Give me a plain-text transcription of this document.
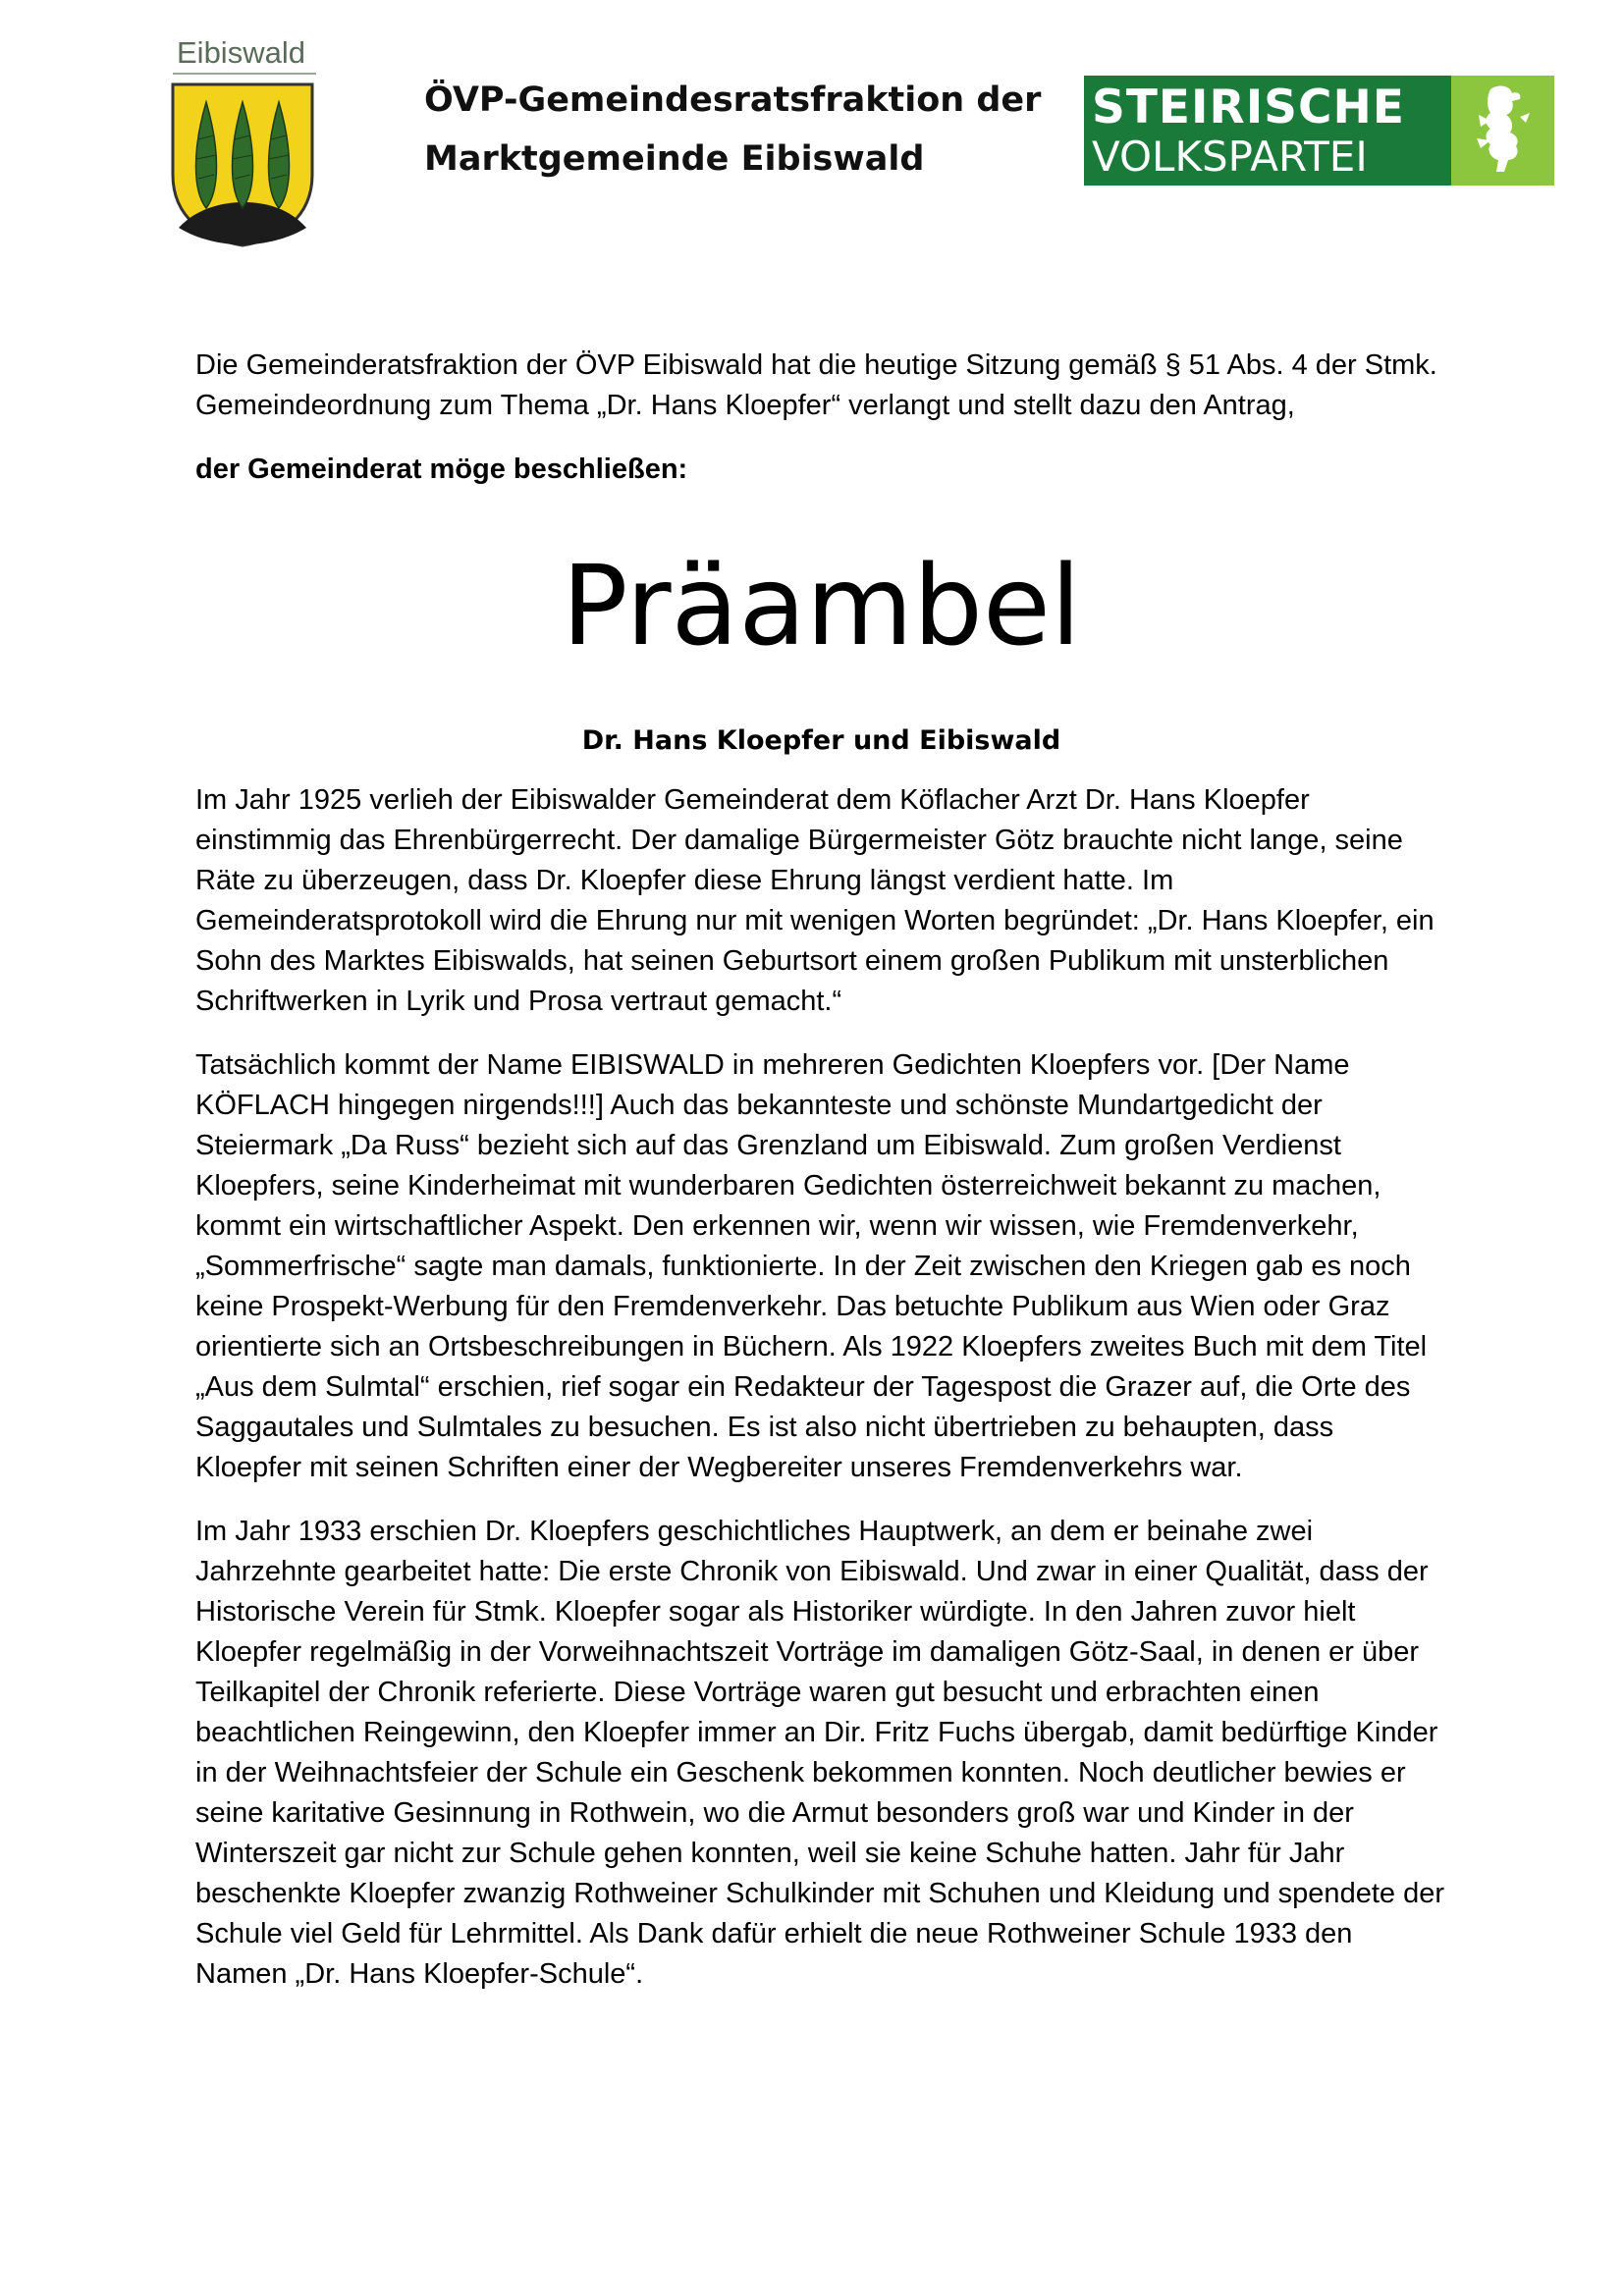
Eibiswald
ÖVP-Gemeindesratsfraktion der
Marktgemeinde Eibiswald
STEIRISCHE
VOLKSPARTEI

Die Gemeinderatsfraktion der ÖVP Eibiswald hat die heutige Sitzung gemäß § 51 Abs. 4 der Stmk. Gemeindeordnung zum Thema „Dr. Hans Kloepfer“ verlangt und stellt dazu den Antrag,

der Gemeinderat möge beschließen:

Präambel
Dr. Hans Kloepfer und Eibiswald

Im Jahr 1925 verlieh der Eibiswalder Gemeinderat dem Köflacher Arzt Dr. Hans Kloepfer einstimmig das Ehrenbürgerrecht. Der damalige Bürgermeister Götz brauchte nicht lange, seine Räte zu überzeugen, dass Dr. Kloepfer diese Ehrung längst verdient hatte. Im Gemeinderatsprotokoll wird die Ehrung nur mit wenigen Worten begründet: „Dr. Hans Kloepfer, ein Sohn des Marktes Eibiswalds, hat seinen Geburtsort einem großen Publikum mit unsterblichen Schriftwerken in Lyrik und Prosa vertraut gemacht.“

Tatsächlich kommt der Name EIBISWALD in mehreren Gedichten Kloepfers vor. [Der Name KÖFLACH hingegen nirgends!!!] Auch das bekannteste und schönste Mundartgedicht der Steiermark „Da Russ“ bezieht sich auf das Grenzland um Eibiswald. Zum großen Verdienst Kloepfers, seine Kinderheimat mit wunderbaren Gedichten österreichweit bekannt zu machen, kommt ein wirtschaftlicher Aspekt. Den erkennen wir, wenn wir wissen, wie Fremdenverkehr, „Sommerfrische“ sagte man damals, funktionierte. In der Zeit zwischen den Kriegen gab es noch keine Prospekt-Werbung für den Fremdenverkehr. Das betuchte Publikum aus Wien oder Graz orientierte sich an Ortsbeschreibungen in Büchern. Als 1922 Kloepfers zweites Buch mit dem Titel „Aus dem Sulmtal“ erschien, rief sogar ein Redakteur der Tagespost die Grazer auf, die Orte des Saggautales und Sulmtales zu besuchen. Es ist also nicht übertrieben zu behaupten, dass Kloepfer mit seinen Schriften einer der Wegbereiter unseres Fremdenverkehrs war.

Im Jahr 1933 erschien Dr. Kloepfers geschichtliches Hauptwerk, an dem er beinahe zwei Jahrzehnte gearbeitet hatte: Die erste Chronik von Eibiswald. Und zwar in einer Qualität, dass der Historische Verein für Stmk. Kloepfer sogar als Historiker würdigte. In den Jahren zuvor hielt Kloepfer regelmäßig in der Vorweihnachtszeit Vorträge im damaligen Götz-Saal, in denen er über Teilkapitel der Chronik referierte. Diese Vorträge waren gut besucht und erbrachten einen beachtlichen Reingewinn, den Kloepfer immer an Dir. Fritz Fuchs übergab, damit bedürftige Kinder in der Weihnachtsfeier der Schule ein Geschenk bekommen konnten. Noch deutlicher bewies er seine karitative Gesinnung in Rothwein, wo die Armut besonders groß war und Kinder in der Winterszeit gar nicht zur Schule gehen konnten, weil sie keine Schuhe hatten. Jahr für Jahr beschenkte Kloepfer zwanzig Rothweiner Schulkinder mit Schuhen und Kleidung und spendete der Schule viel Geld für Lehrmittel. Als Dank dafür erhielt die neue Rothweiner Schule 1933 den Namen „Dr. Hans Kloepfer-Schule“.
